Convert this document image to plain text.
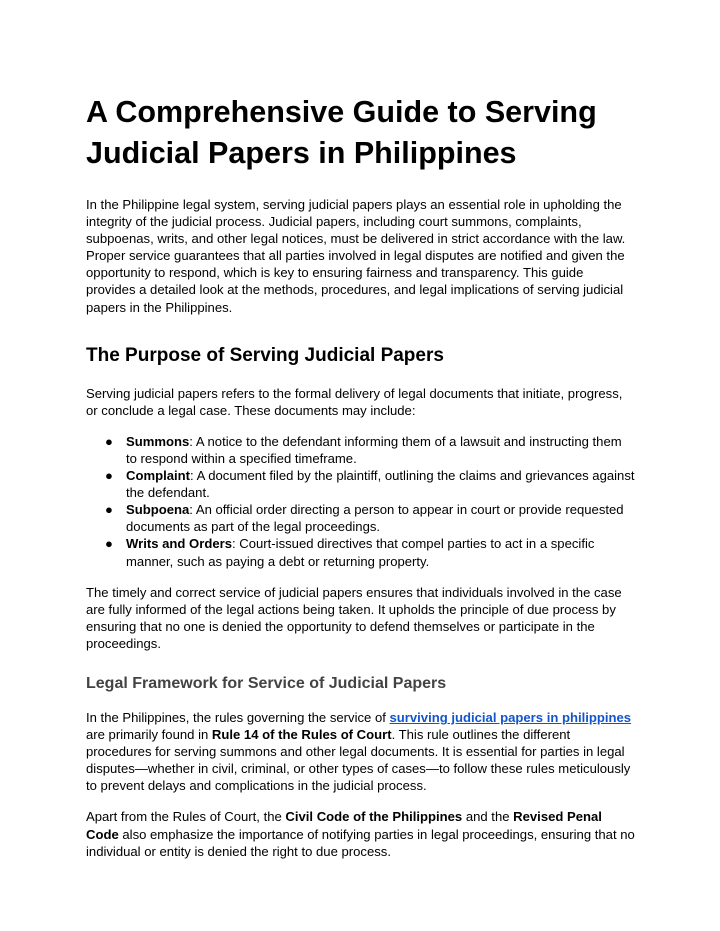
A Comprehensive Guide to Serving Judicial Papers in Philippines

In the Philippine legal system, serving judicial papers plays an essential role in upholding the integrity of the judicial process. Judicial papers, including court summons, complaints, subpoenas, writs, and other legal notices, must be delivered in strict accordance with the law. Proper service guarantees that all parties involved in legal disputes are notified and given the opportunity to respond, which is key to ensuring fairness and transparency. This guide provides a detailed look at the methods, procedures, and legal implications of serving judicial papers in the Philippines.

The Purpose of Serving Judicial Papers

Serving judicial papers refers to the formal delivery of legal documents that initiate, progress, or conclude a legal case. These documents may include:

● Summons: A notice to the defendant informing them of a lawsuit and instructing them to respond within a specified timeframe.
● Complaint: A document filed by the plaintiff, outlining the claims and grievances against the defendant.
● Subpoena: An official order directing a person to appear in court or provide requested documents as part of the legal proceedings.
● Writs and Orders: Court-issued directives that compel parties to act in a specific manner, such as paying a debt or returning property.

The timely and correct service of judicial papers ensures that individuals involved in the case are fully informed of the legal actions being taken. It upholds the principle of due process by ensuring that no one is denied the opportunity to defend themselves or participate in the proceedings.

Legal Framework for Service of Judicial Papers

In the Philippines, the rules governing the service of surviving judicial papers in philippines are primarily found in Rule 14 of the Rules of Court. This rule outlines the different procedures for serving summons and other legal documents. It is essential for parties in legal disputes—whether in civil, criminal, or other types of cases—to follow these rules meticulously to prevent delays and complications in the judicial process.

Apart from the Rules of Court, the Civil Code of the Philippines and the Revised Penal Code also emphasize the importance of notifying parties in legal proceedings, ensuring that no individual or entity is denied the right to due process.
